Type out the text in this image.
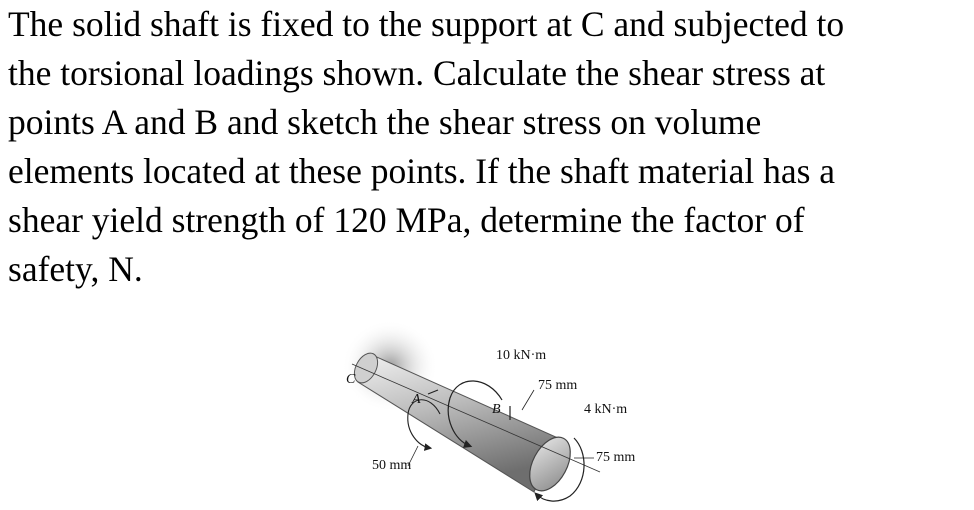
The solid shaft is fixed to the support at C and subjected to
the torsional loadings shown. Calculate the shear stress at
points A and B and sketch the shear stress on volume
elements located at these points. If the shaft material has a
shear yield strength of 120 MPa, determine the factor of
safety, N.
C
A
B
10 kN·m
75 mm
4 kN·m
75 mm
50 mm
